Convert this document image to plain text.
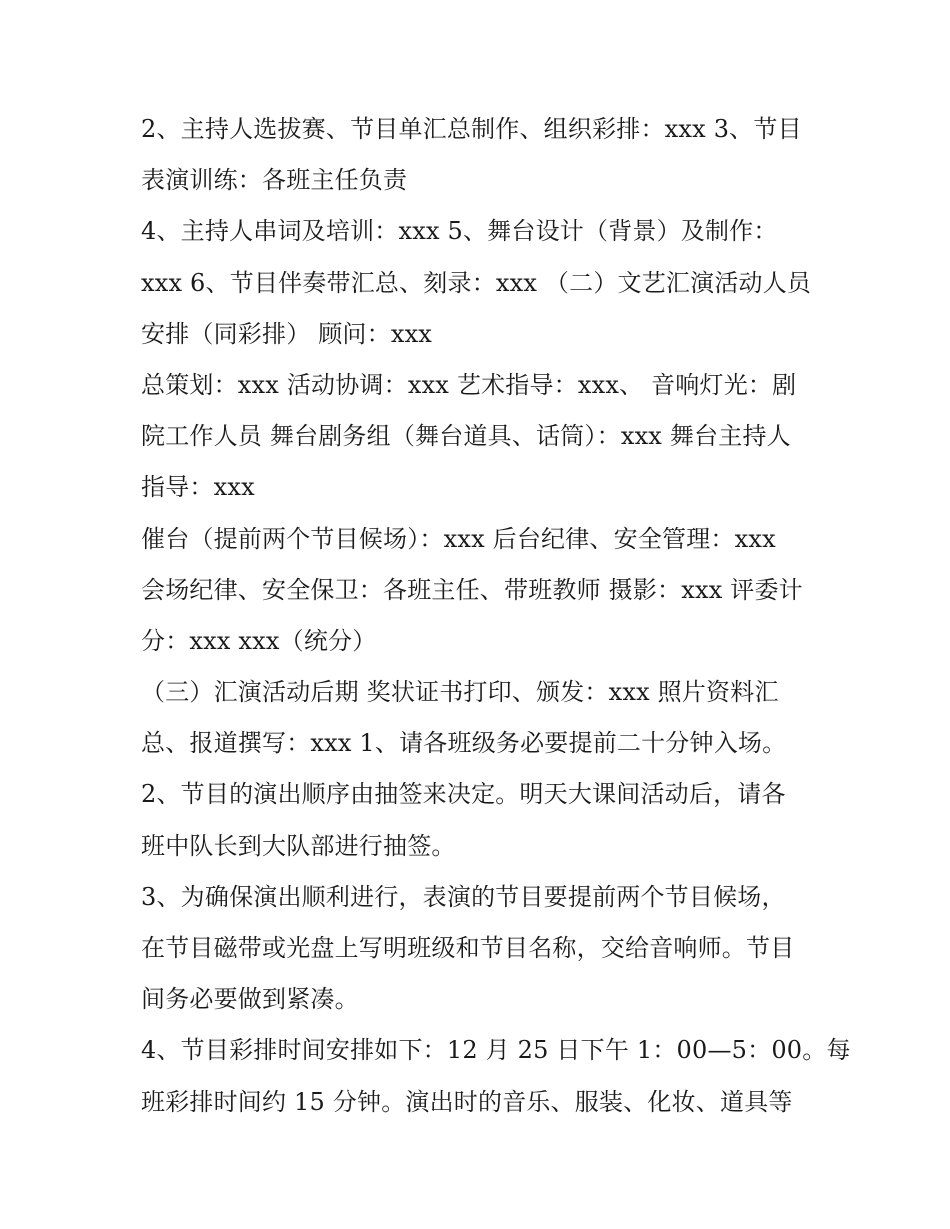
2、主持人选拔赛、节目单汇总制作、组织彩排：xxx 3、节目
表演训练：各班主任负责
4、主持人串词及培训：xxx 5、舞台设计（背景）及制作：
xxx 6、节目伴奏带汇总、刻录：xxx （二）文艺汇演活动人员
安排（同彩排） 顾问：xxx
总策划：xxx 活动协调：xxx 艺术指导：xxx、 音响灯光：剧
院工作人员 舞台剧务组（舞台道具、话筒）：xxx 舞台主持人
指导：xxx
催台（提前两个节目候场）：xxx 后台纪律、安全管理：xxx
会场纪律、安全保卫：各班主任、带班教师 摄影：xxx 评委计
分：xxx xxx（统分）
（三）汇演活动后期 奖状证书打印、颁发：xxx 照片资料汇
总、报道撰写：xxx 1、请各班级务必要提前二十分钟入场。
2、节目的演出顺序由抽签来决定。明天大课间活动后，请各
班中队长到大队部进行抽签。
3、为确保演出顺利进行，表演的节目要提前两个节目候场，
在节目磁带或光盘上写明班级和节目名称，交给音响师。节目
间务必要做到紧凑。
4、节目彩排时间安排如下：12 月 25 日下午 1：00—5：00。每
班彩排时间约 15 分钟。演出时的音乐、服装、化妆、道具等
